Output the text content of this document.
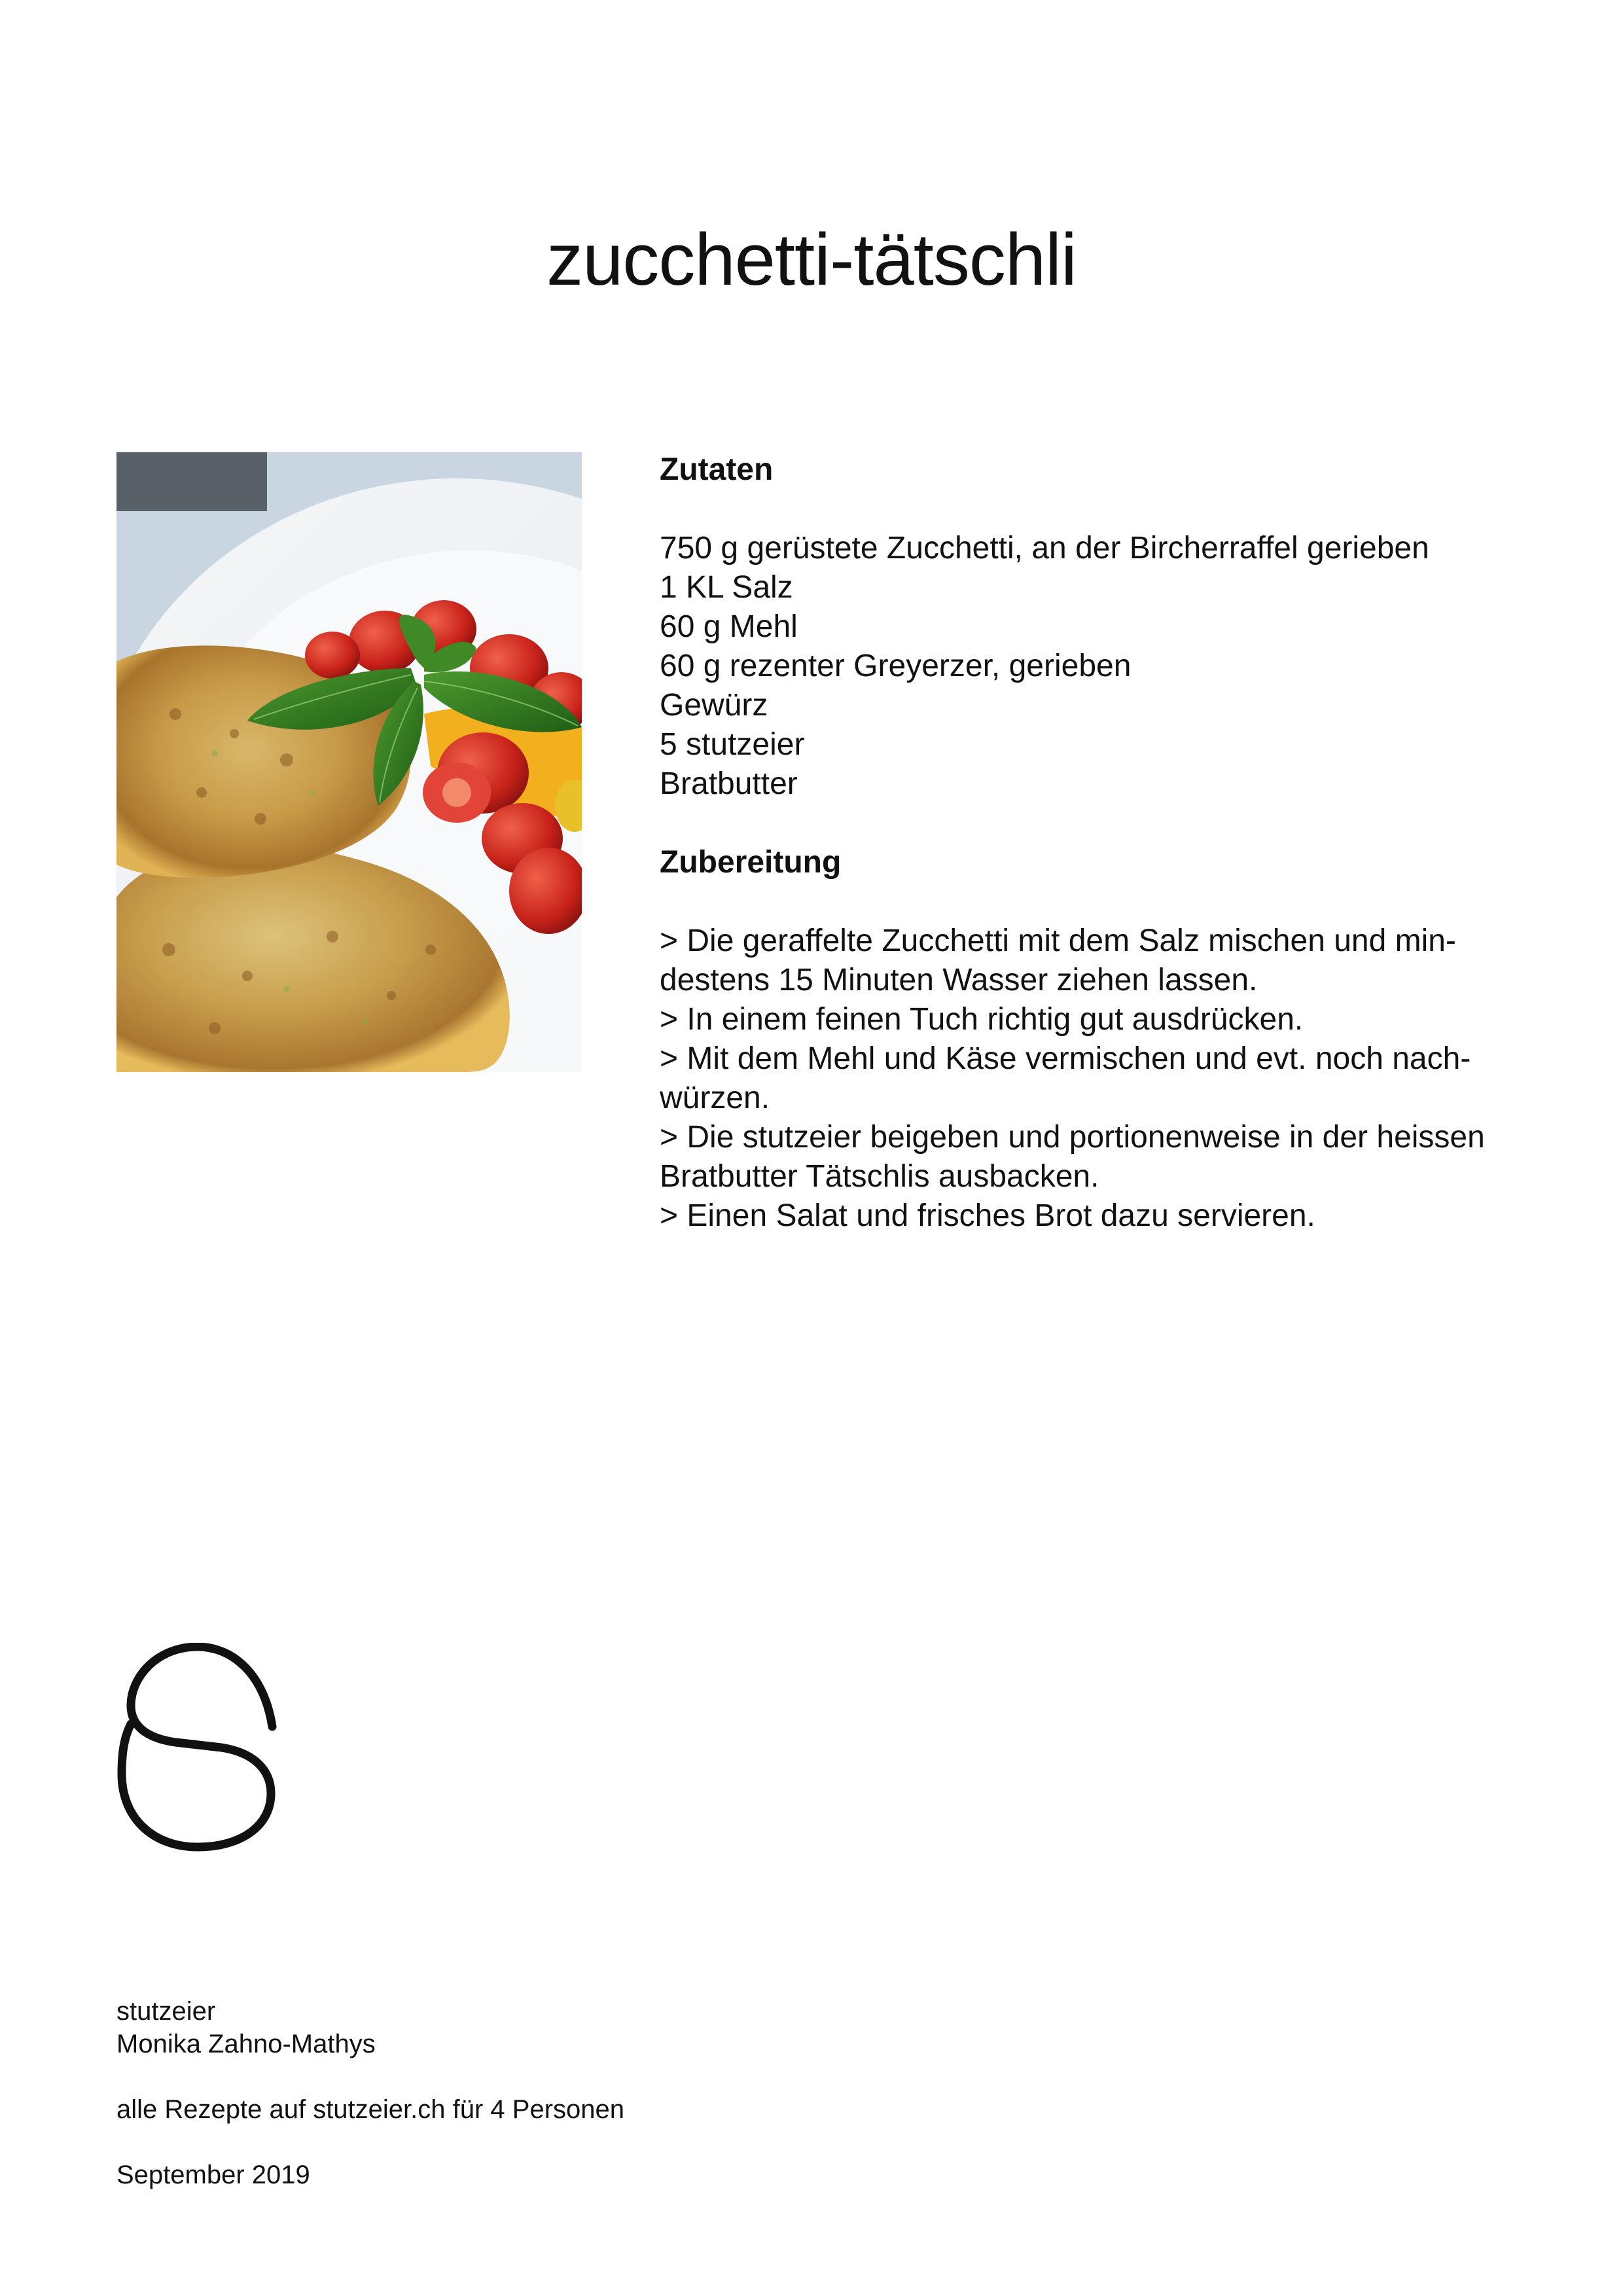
zucchetti-tätschli
Zutaten
750 g gerüstete Zucchetti, an der Bircherraffel gerieben
1 KL Salz
60 g Mehl
60 g rezenter Greyerzer, gerieben
Gewürz
5 stutzeier
Bratbutter
Zubereitung
> Die geraffelte Zucchetti mit dem Salz mischen und min-
destens 15 Minuten Wasser ziehen lassen.
> In einem feinen Tuch richtig gut ausdrücken.
> Mit dem Mehl und Käse vermischen und evt. noch nach-
würzen.
> Die stutzeier beigeben und portionenweise in der heissen
Bratbutter Tätschlis ausbacken.
> Einen Salat und frisches Brot dazu servieren.

stutzeier

Monika Zahno-Mathys

alle Rezepte auf stutzeier.ch für 4 Personen

September 2019
